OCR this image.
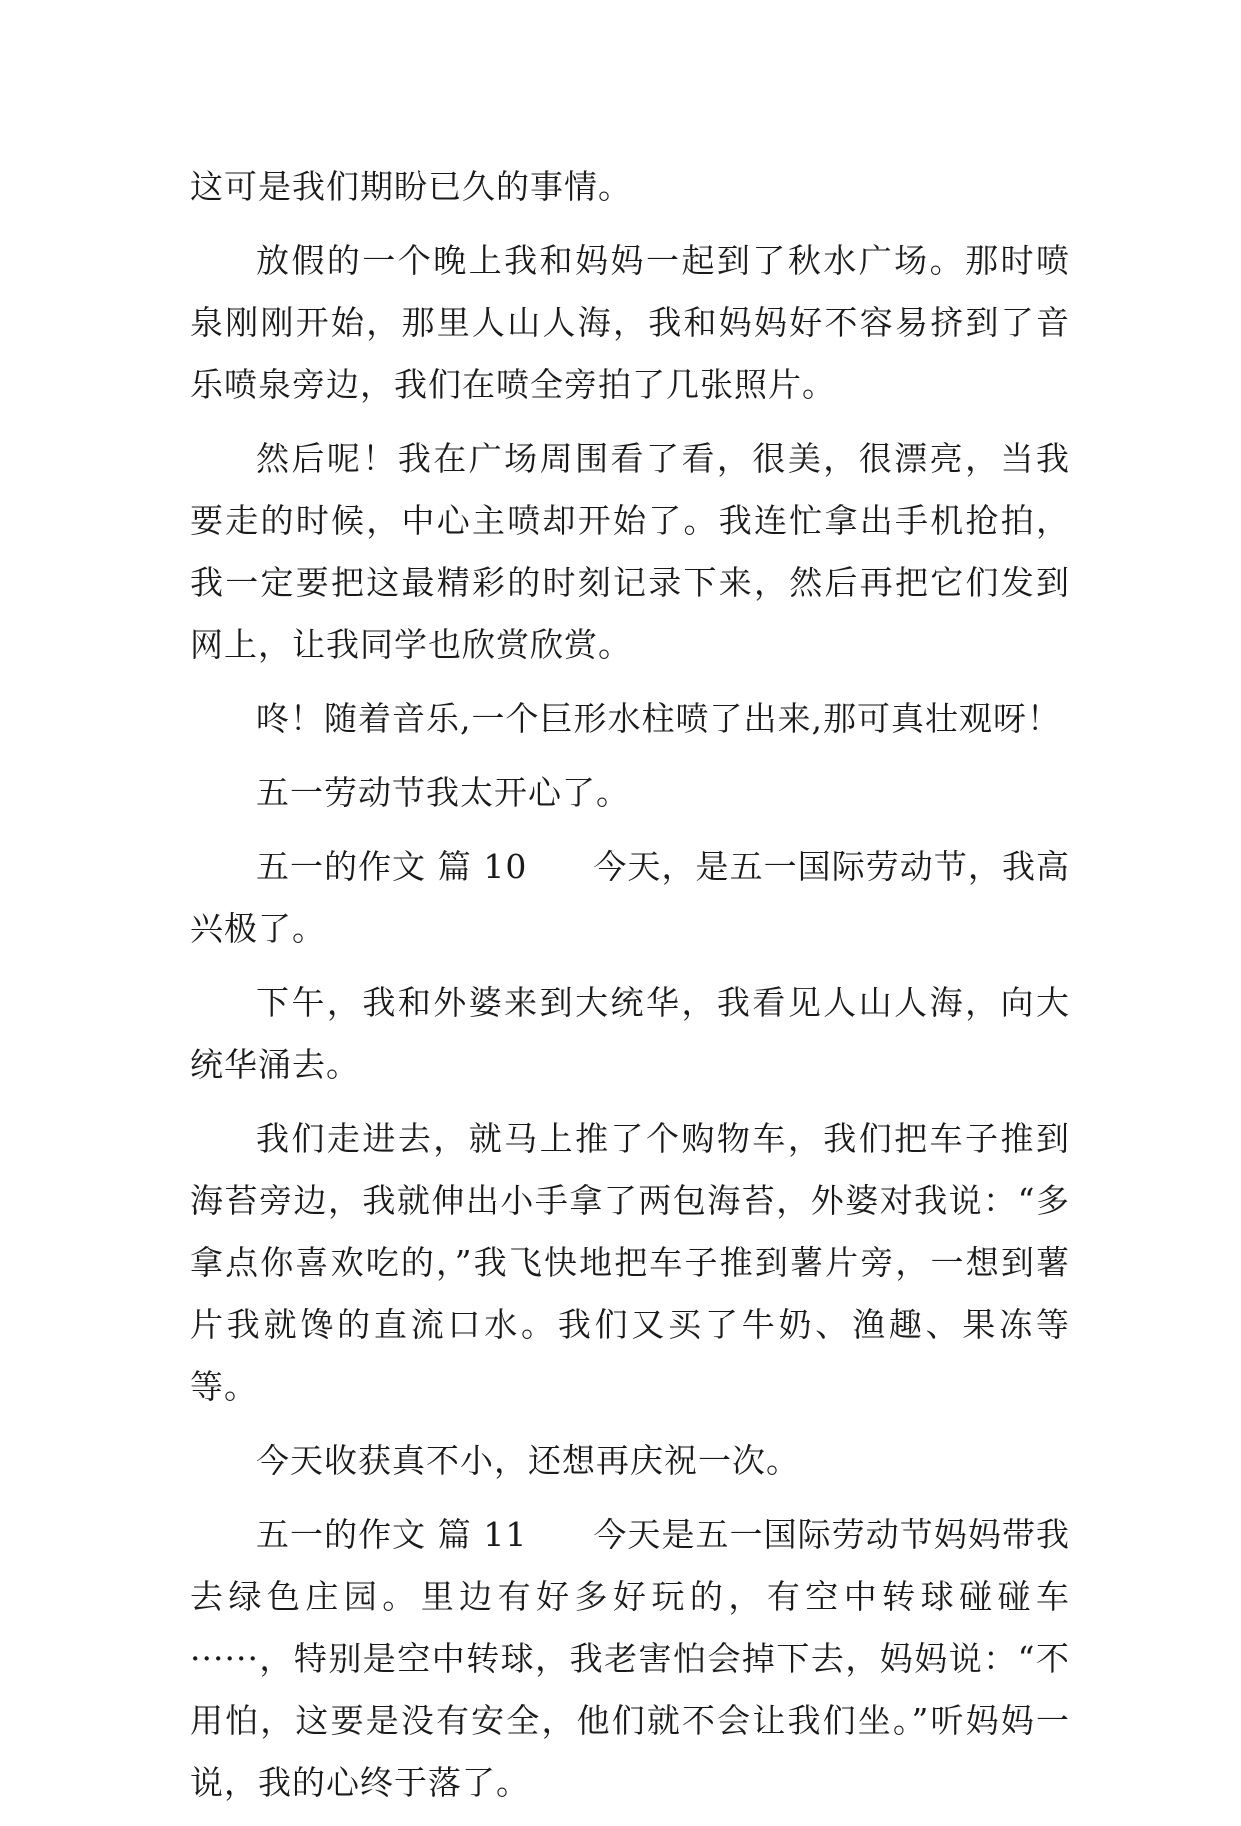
这可是我们期盼已久的事情。

放假的一个晚上我和妈妈一起到了秋水广场。那时喷泉刚刚开始，那里人山人海，我和妈妈好不容易挤到了音乐喷泉旁边，我们在喷全旁拍了几张照片。

然后呢！我在广场周围看了看，很美，很漂亮，当我要走的时候，中心主喷却开始了。我连忙拿出手机抢拍，我一定要把这最精彩的时刻记录下来，然后再把它们发到网上，让我同学也欣赏欣赏。

咚！随着音乐,一个巨形水柱喷了出来,那可真壮观呀！

五一劳动节我太开心了。

五一的作文 篇 10 今天，是五一国际劳动节，我高兴极了。

下午，我和外婆来到大统华，我看见人山人海，向大统华涌去。

我们走进去，就马上推了个购物车，我们把车子推到海苔旁边，我就伸出小手拿了两包海苔，外婆对我说：“多拿点你喜欢吃的，”我飞快地把车子推到薯片旁，一想到薯片我就馋的直流口水。我们又买了牛奶、渔趣、果冻等等。

今天收获真不小，还想再庆祝一次。

五一的作文 篇 11 今天是五一国际劳动节妈妈带我去绿色庄园。里边有好多好玩的，有空中转球碰碰车······，特别是空中转球，我老害怕会掉下去，妈妈说：“不用怕，这要是没有安全，他们就不会让我们坐。”听妈妈一说，我的心终于落了。
